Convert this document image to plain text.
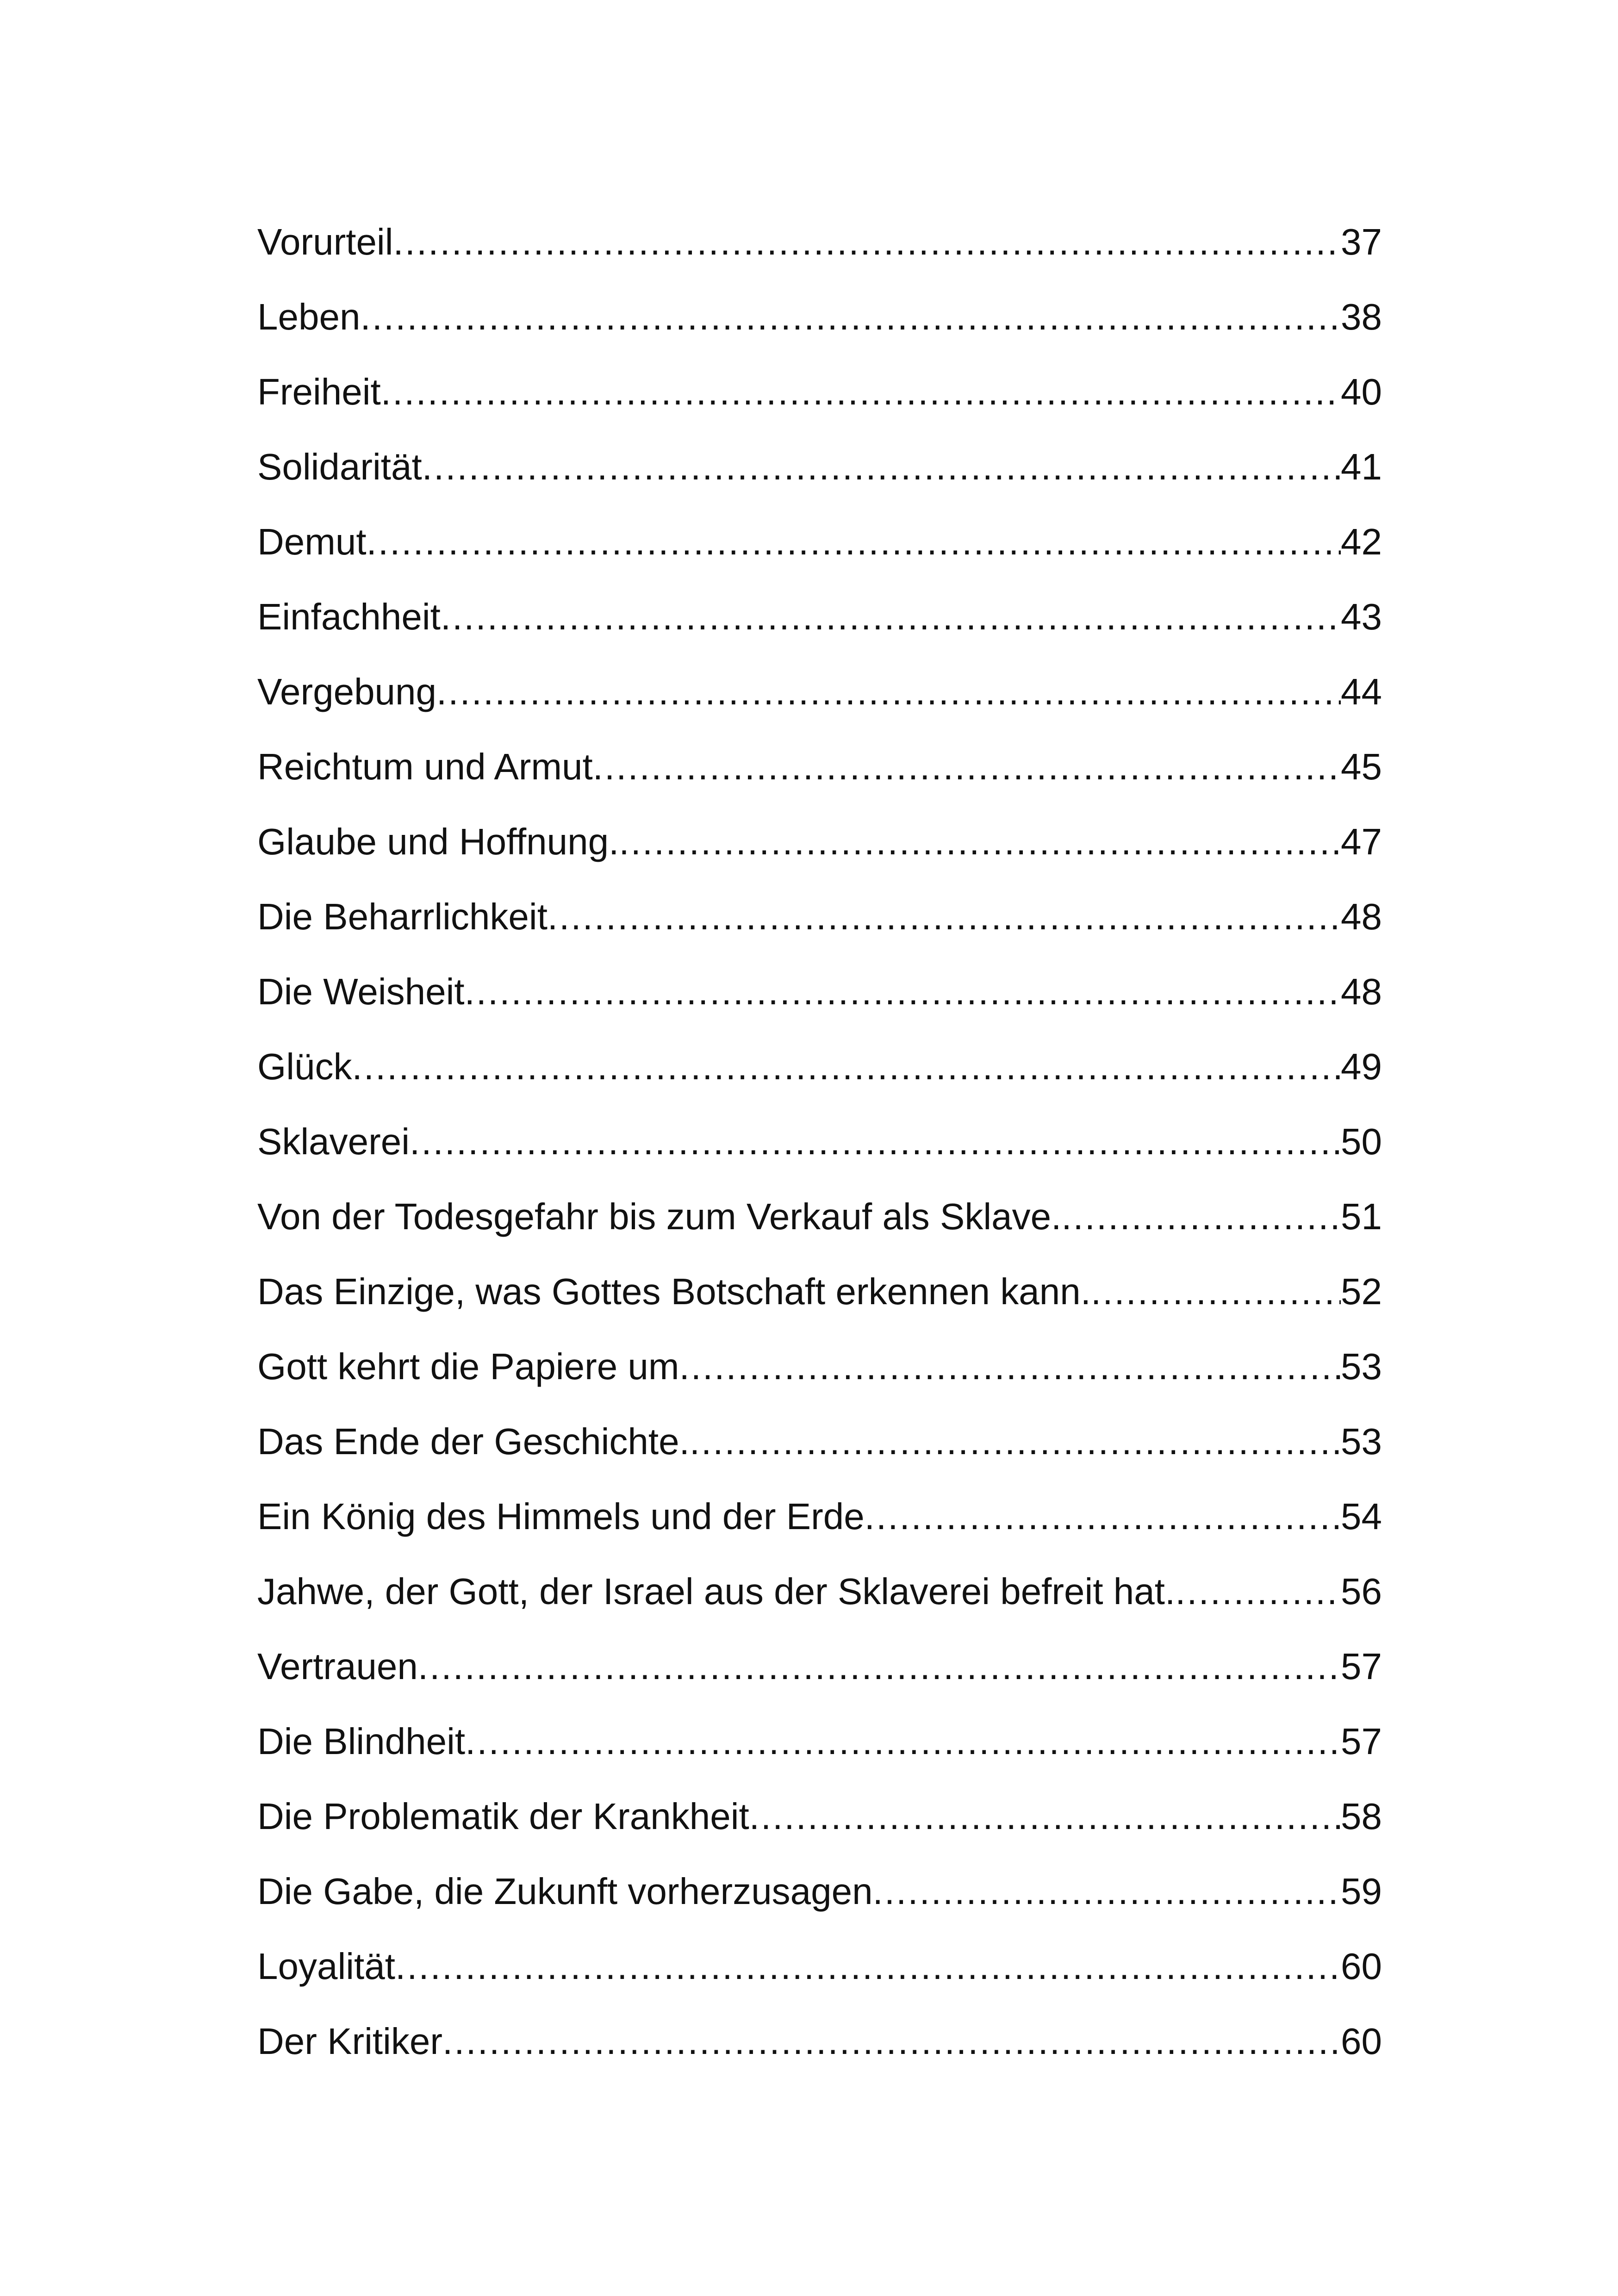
Vorurteil .....	37
Leben .....	38
Freiheit .....	40
Solidarität .....	41
Demut .....	42
Einfachheit .....	43
Vergebung .....	44
Reichtum und Armut .....	45
Glaube und Hoffnung. .....	47
Die Beharrlichkeit .....	48
Die Weisheit .....	48
Glück .....	49
Sklaverei .....	50
Von der Todesgefahr bis zum Verkauf als Sklave. .....	51
Das Einzige, was Gottes Botschaft erkennen kann. .....	52
Gott kehrt die Papiere um .....	53
Das Ende der Geschichte. .....	53
Ein König des Himmels und der Erde .....	54
Jahwe, der Gott, der Israel aus der Sklaverei befreit hat. .....	56
Vertrauen .....	57
Die Blindheit .....	57
Die Problematik der Krankheit .....	58
Die Gabe, die Zukunft vorherzusagen .....	59
Loyalität .....	60
Der Kritiker .....	60
